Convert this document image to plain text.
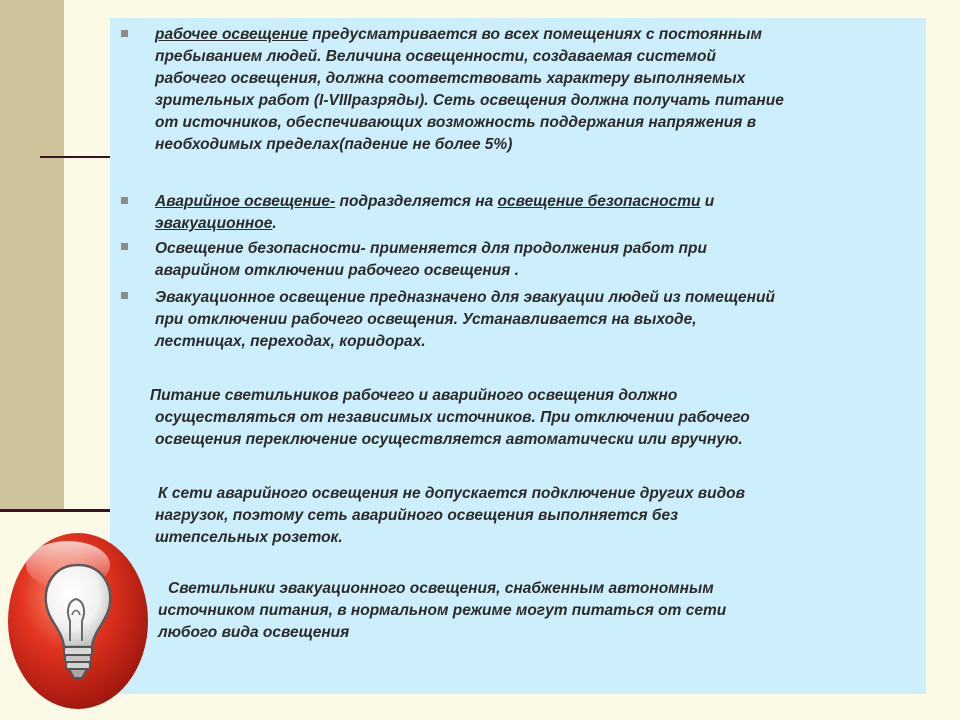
рабочее освещение предусматривается во всех помещениях с постоянным
пребыванием людей. Величина освещенности, создаваемая системой
рабочего освещения, должна соответствовать характеру выполняемых
зрительных работ (I-VIIIразряды). Сеть освещения должна получать питание
от источников, обеспечивающих возможность поддержания напряжения в
необходимых пределах(падение не более 5%)
Аварийное освещение- подразделяется на освещение безопасности и
эвакуационное.
Освещение безопасности- применяется для продолжения работ при
аварийном отключении рабочего освещения .
Эвакуационное освещение предназначено для эвакуации людей из помещений
при отключении рабочего освещения. Устанавливается на выходе,
лестницах, переходах, коридорах.
Питание светильников рабочего и аварийного освещения должно
осуществляться от независимых источников. При отключении рабочего
освещения переключение осуществляется автоматически или вручную.
К сети аварийного освещения не допускается подключение других видов
нагрузок, поэтому сеть аварийного освещения выполняется без
штепсельных розеток.
Светильники эвакуационного освещения, снабженным автономным
источником питания, в нормальном режиме могут питаться от сети
любого вида освещения
